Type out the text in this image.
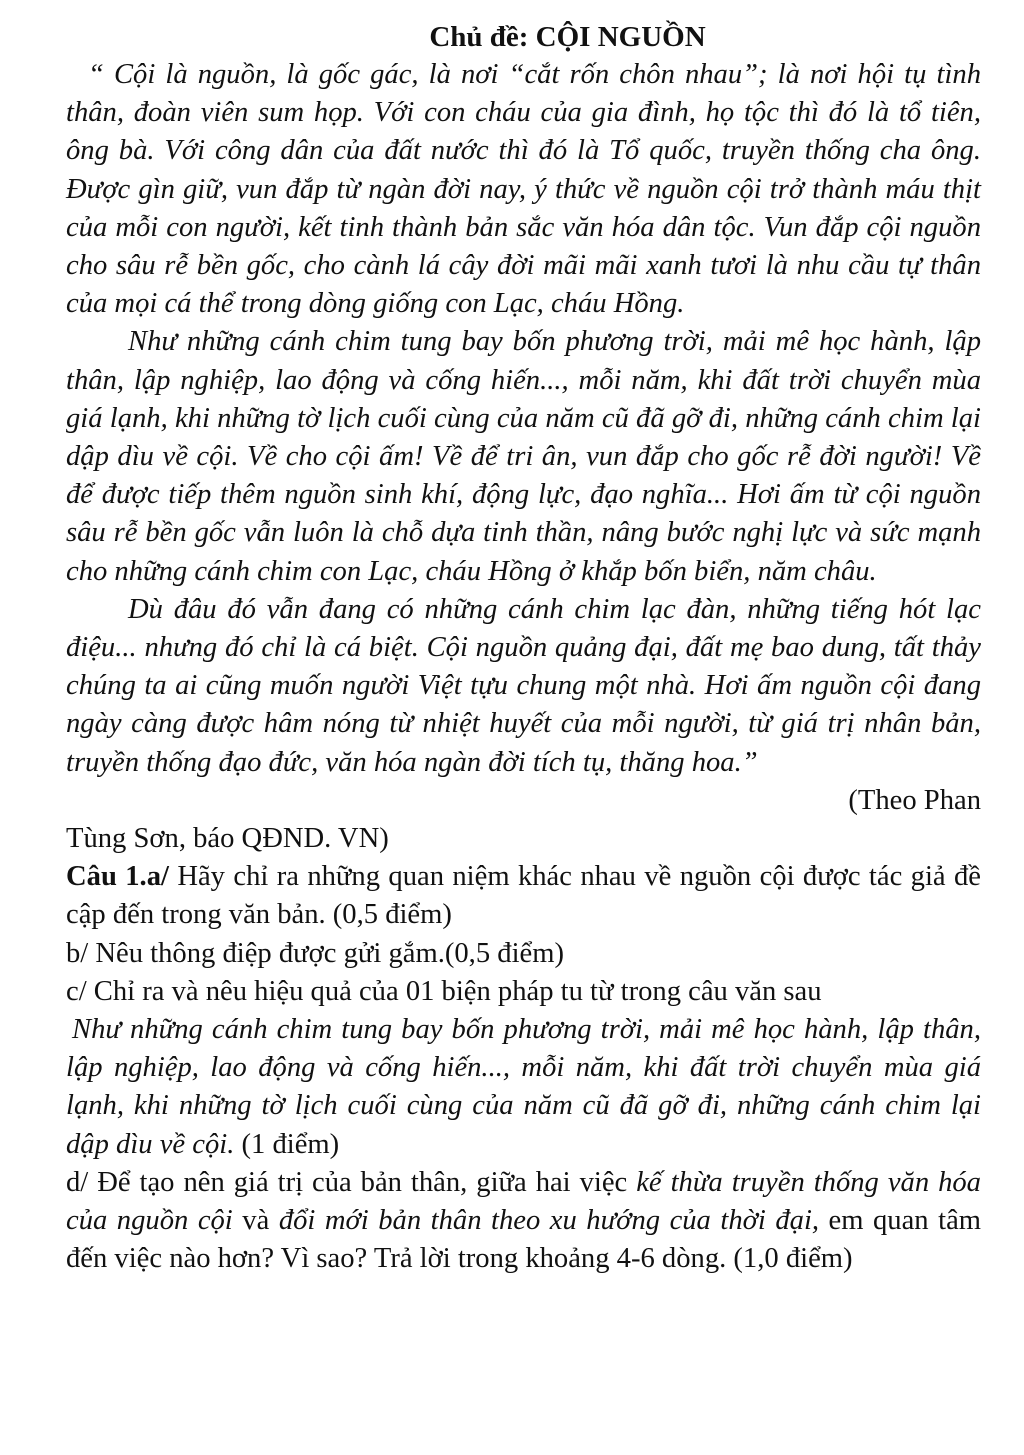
Chủ đề: CỘI NGUỒN

“ Cội là nguồn, là gốc gác, là nơi “cắt rốn chôn nhau”; là nơi hội tụ tình thân, đoàn viên sum họp. Với con cháu của gia đình, họ tộc thì đó là tổ tiên, ông bà. Với công dân của đất nước thì đó là Tổ quốc, truyền thống cha ông. Được gìn giữ, vun đắp từ ngàn đời nay, ý thức về nguồn cội trở thành máu thịt của mỗi con người, kết tinh thành bản sắc văn hóa dân tộc. Vun đắp cội nguồn cho sâu rễ bền gốc, cho cành lá cây đời mãi mãi xanh tươi là nhu cầu tự thân của mọi cá thể trong dòng giống con Lạc, cháu Hồng.

Như những cánh chim tung bay bốn phương trời, mải mê học hành, lập thân, lập nghiệp, lao động và cống hiến..., mỗi năm, khi đất trời chuyển mùa giá lạnh, khi những tờ lịch cuối cùng của năm cũ đã gỡ đi, những cánh chim lại dập dìu về cội. Về cho cội ấm! Về để tri ân, vun đắp cho gốc rễ đời người! Về để được tiếp thêm nguồn sinh khí, động lực, đạo nghĩa... Hơi ấm từ cội nguồn sâu rễ bền gốc vẫn luôn là chỗ dựa tinh thần, nâng bước nghị lực và sức mạnh cho những cánh chim con Lạc, cháu Hồng ở khắp bốn biển, năm châu.

Dù đâu đó vẫn đang có những cánh chim lạc đàn, những tiếng hót lạc điệu... nhưng đó chỉ là cá biệt. Cội nguồn quảng đại, đất mẹ bao dung, tất thảy chúng ta ai cũng muốn người Việt tựu chung một nhà. Hơi ấm nguồn cội đang ngày càng được hâm nóng từ nhiệt huyết của mỗi người, từ giá trị nhân bản, truyền thống đạo đức, văn hóa ngàn đời tích tụ, thăng hoa.”

(Theo Phan

Tùng Sơn, báo QĐND. VN)

Câu 1.a/ Hãy chỉ ra những quan niệm khác nhau về nguồn cội được tác giả đề cập đến trong văn bản. (0,5 điểm)

b/ Nêu thông điệp được gửi gắm.(0,5 điểm)

c/ Chỉ ra và nêu hiệu quả của 01 biện pháp tu từ trong câu văn sau

Như những cánh chim tung bay bốn phương trời, mải mê học hành, lập thân, lập nghiệp, lao động và cống hiến..., mỗi năm, khi đất trời chuyển mùa giá lạnh, khi những tờ lịch cuối cùng của năm cũ đã gỡ đi, những cánh chim lại dập dìu về cội. (1 điểm)

d/ Để tạo nên giá trị của bản thân, giữa hai việc kế thừa truyền thống văn hóa của nguồn cội và đổi mới bản thân theo xu hướng của thời đại, em quan tâm đến việc nào hơn? Vì sao? Trả lời trong khoảng 4-6 dòng. (1,0 điểm)
